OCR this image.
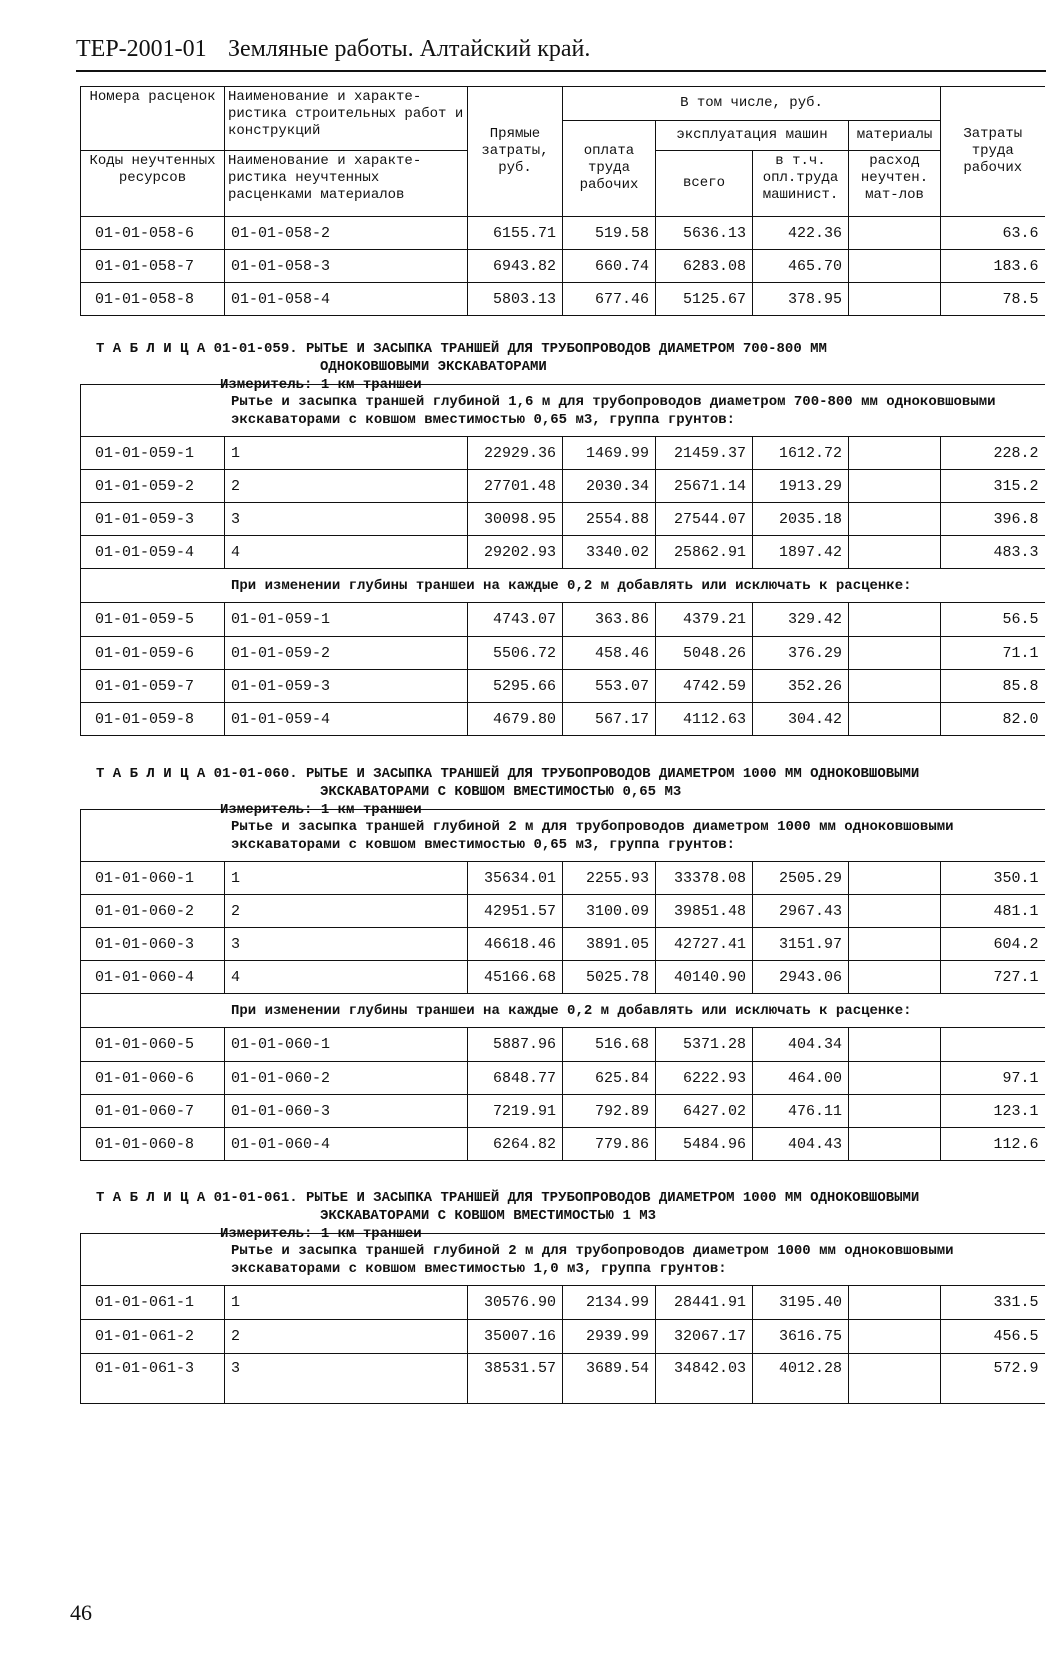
ТЕР-2001-01 Земляные работы. Алтайский край.
Номера расценок	Наименование и характе-ристика строительных работ и конструкций	Прямые затраты, руб.	В том числе, руб.				Затраты труда рабочих
			оплата труда рабочих	эксплуатация машин		материалы	
Коды неучтенных ресурсов	Наименование и характе-ристика неучтенных расценками материалов			всего	в т.ч. опл.труда машинист.	расход неучтен. мат-лов	

01-01-058-6	01-01-058-2	6155.71	519.58	5636.13	422.36		63.6
01-01-058-7	01-01-058-3	6943.82	660.74	6283.08	465.70		183.6
01-01-058-8	01-01-058-4	5803.13	677.46	5125.67	378.95		78.5

Т А Б Л И Ц А 01-01-059. РЫТЬЕ И ЗАСЫПКА ТРАНШЕЙ ДЛЯ ТРУБОПРОВОДОВ ДИАМЕТРОМ 700-800 ММ
ОДНОКОВШОВЫМИ ЭКСКАВАТОРАМИ
Измеритель: 1 км траншеи
Рытье и засыпка траншей глубиной 1,6 м для трубопроводов диаметром 700-800 мм одноковшовыми экскаваторами с ковшом вместимостью 0,65 м3, группа грунтов:							
01-01-059-1	1	22929.36	1469.99	21459.37	1612.72		228.2
01-01-059-2	2	27701.48	2030.34	25671.14	1913.29		315.2
01-01-059-3	3	30098.95	2554.88	27544.07	2035.18		396.8
01-01-059-4	4	29202.93	3340.02	25862.91	1897.42		483.3
При изменении глубины траншеи на каждые 0,2 м добавлять или исключать к расценке:							
01-01-059-5	01-01-059-1	4743.07	363.86	4379.21	329.42		56.5
01-01-059-6	01-01-059-2	5506.72	458.46	5048.26	376.29		71.1
01-01-059-7	01-01-059-3	5295.66	553.07	4742.59	352.26		85.8
01-01-059-8	01-01-059-4	4679.80	567.17	4112.63	304.42		82.0

Т А Б Л И Ц А 01-01-060. РЫТЬЕ И ЗАСЫПКА ТРАНШЕЙ ДЛЯ ТРУБОПРОВОДОВ ДИАМЕТРОМ 1000 ММ ОДНОКОВШОВЫМИ
ЭКСКАВАТОРАМИ С КОВШОМ ВМЕСТИМОСТЬЮ 0,65 М3
Измеритель: 1 км траншеи
Рытье и засыпка траншей глубиной 2 м для трубопроводов диаметром 1000 мм одноковшовыми экскаваторами с ковшом вместимостью 0,65 м3, группа грунтов:							
01-01-060-1	1	35634.01	2255.93	33378.08	2505.29		350.1
01-01-060-2	2	42951.57	3100.09	39851.48	2967.43		481.1
01-01-060-3	3	46618.46	3891.05	42727.41	3151.97		604.2
01-01-060-4	4	45166.68	5025.78	40140.90	2943.06		727.1
При изменении глубины траншеи на каждые 0,2 м добавлять или исключать к расценке:							
01-01-060-5	01-01-060-1	5887.96	516.68	5371.28	404.34		
01-01-060-6	01-01-060-2	6848.77	625.84	6222.93	464.00		97.1
01-01-060-7	01-01-060-3	7219.91	792.89	6427.02	476.11		123.1
01-01-060-8	01-01-060-4	6264.82	779.86	5484.96	404.43		112.6

Т А Б Л И Ц А 01-01-061. РЫТЬЕ И ЗАСЫПКА ТРАНШЕЙ ДЛЯ ТРУБОПРОВОДОВ ДИАМЕТРОМ 1000 ММ ОДНОКОВШОВЫМИ
ЭКСКАВАТОРАМИ С КОВШОМ ВМЕСТИМОСТЬЮ 1 М3
Измеритель: 1 км траншеи
Рытье и засыпка траншей глубиной 2 м для трубопроводов диаметром 1000 мм одноковшовыми экскаваторами с ковшом вместимостью 1,0 м3, группа грунтов:							
01-01-061-1	1	30576.90	2134.99	28441.91	3195.40		331.5
01-01-061-2	2	35007.16	2939.99	32067.17	3616.75		456.5
01-01-061-3	3	38531.57	3689.54	34842.03	4012.28		572.9
46
